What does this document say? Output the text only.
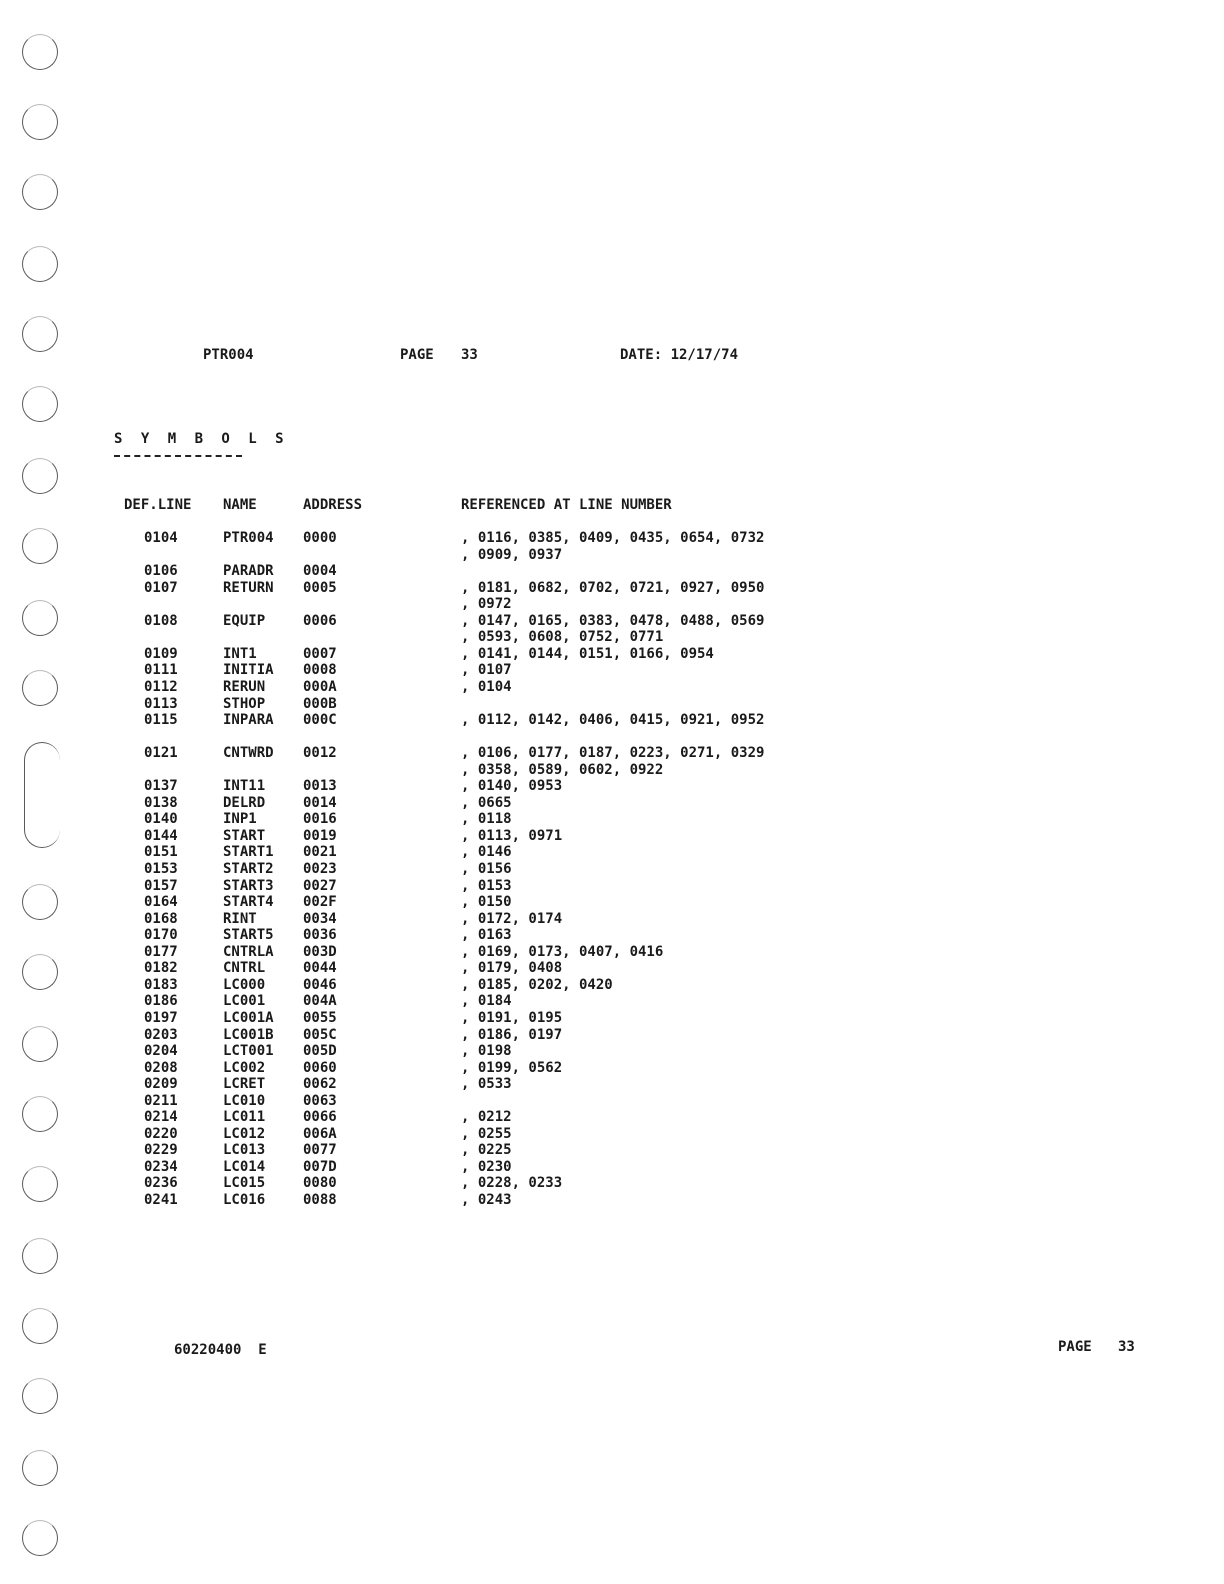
PTR004	PAGE 33	DATE: 12/17/74
S Y M B O L S
DEF.LINE NAME	ADDRESS	REFERENCED AT LINE NUMBER
0104	PTR004 0000	, 0116, 0385, 0409, 0435, 0654, 0732
, 0909, 0937
0106	PARADR 0004
0107	RETURN 0005	, 0181, 0682, 0702, 0721, 0927, 0950
, 0972
0108	EQUIP	0006	, 0147, 0165, 0383, 0478, 0488, 0569
, 0593, 0608, 0752, 0771
0109	INT1	0007	, 0141, 0144, 0151, 0166, 0954
0111	INITIA 0008	, 0107
0112	RERUN	000A	, 0104
0113	STHOP	000B
0115	INPARA 000C	, 0112, 0142, 0406, 0415, 0921, 0952
0121	CNTWRD 0012	, 0106, 0177, 0187, 0223, 0271, 0329
, 0358, 0589, 0602, 0922
0137	INT11	0013	, 0140, 0953
0138	DELRD	0014	, 0665
0140	INP1	0016	, 0118
0144	START	0019	, 0113, 0971
0151	START1 0021	, 0146
0153	START2 0023	, 0156
0157	START3 0027	, 0153
0164	START4 002F	, 0150
0168	RINT	0034	, 0172, 0174
0170	START5 0036	, 0163
0177	CNTRLA 003D	, 0169, 0173, 0407, 0416
0182	CNTRL	0044	, 0179, 0408
0183	LC000	0046	, 0185, 0202, 0420
0186	LC001	004A	, 0184
0197	LC001A 0055	, 0191, 0195
0203	LC001B 005C	, 0186, 0197
0204	LCT001 005D	, 0198
0208	LC002	0060	, 0199, 0562
0209	LCRET	0062	, 0533
0211	LC010	0063
0214	LC011	0066	, 0212
0220	LC012	006A	, 0255
0229	LC013	0077	, 0225
0234	LC014	007D	, 0230
0236	LC015	0080	, 0228, 0233
0241	LC016	0088	, 0243
60220400  E	PAGE 33
